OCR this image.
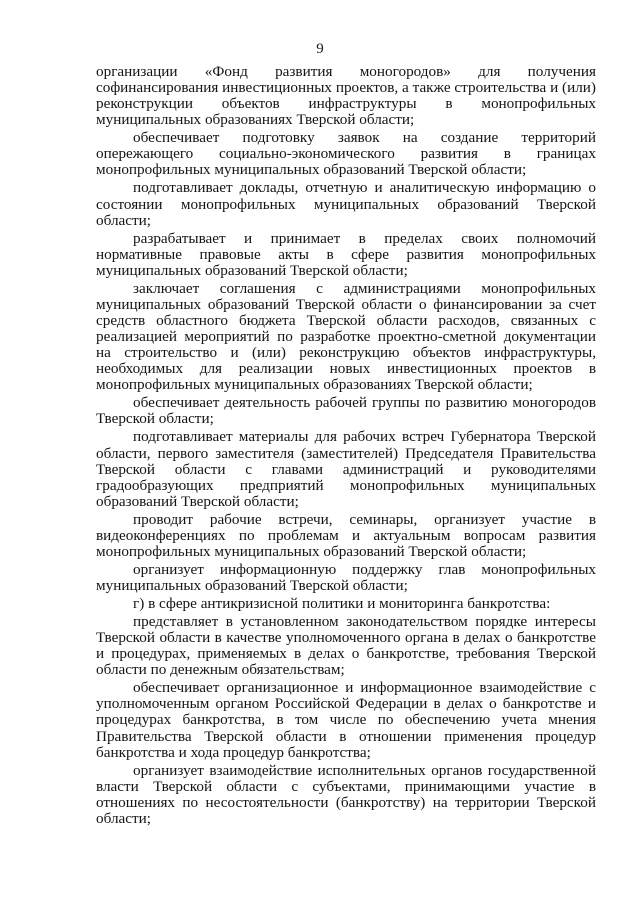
9

организации «Фонд развития моногородов» для получения софинансирования инвестиционных проектов, а также строительства и (или) реконструкции объектов инфраструктуры в монопрофильных муниципальных образованиях Тверской области;

обеспечивает подготовку заявок на создание территорий опережающего социально-экономического развития в границах монопрофильных муниципальных образований Тверской области;

подготавливает доклады, отчетную и аналитическую информацию о состоянии монопрофильных муниципальных образований Тверской области;

разрабатывает и принимает в пределах своих полномочий нормативные правовые акты в сфере развития монопрофильных муниципальных образований Тверской области;

заключает соглашения с администрациями монопрофильных муниципальных образований Тверской области о финансировании за счет средств областного бюджета Тверской области расходов, связанных с реализацией мероприятий по разработке проектно-сметной документации на строительство и (или) реконструкцию объектов инфраструктуры, необходимых для реализации новых инвестиционных проектов в монопрофильных муниципальных образованиях Тверской области;

обеспечивает деятельность рабочей группы по развитию моногородов Тверской области;

подготавливает материалы для рабочих встреч Губернатора Тверской области, первого заместителя (заместителей) Председателя Правительства Тверской области с главами администраций и руководителями градообразующих предприятий монопрофильных муниципальных образований Тверской области;

проводит рабочие встречи, семинары, организует участие в видеоконференциях по проблемам и актуальным вопросам развития монопрофильных муниципальных образований Тверской области;

организует информационную поддержку глав монопрофильных муниципальных образований Тверской области;

г) в сфере антикризисной политики и мониторинга банкротства:

представляет в установленном законодательством порядке интересы Тверской области в качестве уполномоченного органа в делах о банкротстве и процедурах, применяемых в делах о банкротстве, требования Тверской области по денежным обязательствам;

обеспечивает организационное и информационное взаимодействие с уполномоченным органом Российской Федерации в делах о банкротстве и процедурах банкротства, в том числе по обеспечению учета мнения Правительства Тверской области в отношении применения процедур банкротства и хода процедур банкротства;

организует взаимодействие исполнительных органов государственной власти Тверской области с субъектами, принимающими участие в отношениях по несостоятельности (банкротству) на территории Тверской области;
